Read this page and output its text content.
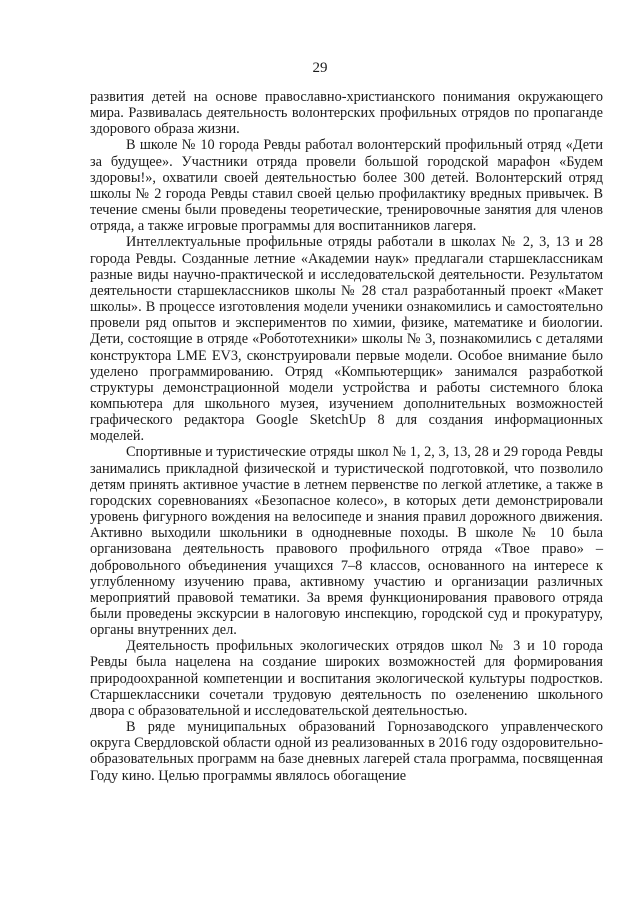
29

развития детей на основе православно-христианского понимания окружающего мира. Развивалась деятельность волонтерских профильных отрядов по пропаганде здорового образа жизни.

В школе № 10 города Ревды работал волонтерский профильный отряд «Дети за будущее». Участники отряда провели большой городской марафон «Будем здоровы!», охватили своей деятельностью более 300 детей. Волонтерский отряд школы № 2 города Ревды ставил своей целью профилактику вредных привычек. В течение смены были проведены теоретические, тренировочные занятия для членов отряда, а также игровые программы для воспитанников лагеря.

Интеллектуальные профильные отряды работали в школах № 2, 3, 13 и 28 города Ревды. Созданные летние «Академии наук» предлагали старшеклассникам разные виды научно-практической и исследовательской деятельности. Результатом деятельности старшеклассников школы № 28 стал разработанный проект «Макет школы». В процессе изготовления модели ученики ознакомились и самостоятельно провели ряд опытов и экспериментов по химии, физике, математике и биологии. Дети, состоящие в отряде «Робототехники» школы № 3, познакомились с деталями конструктора LME EV3, сконструировали первые модели. Особое внимание было уделено программированию. Отряд «Компьютерщик» занимался разработкой структуры демонстрационной модели устройства и работы системного блока компьютера для школьного музея, изучением дополнительных возможностей графического редактора Google SketchUp 8 для создания информационных моделей.

Спортивные и туристические отряды школ № 1, 2, 3, 13, 28 и 29 города Ревды занимались прикладной физической и туристической подготовкой, что позволило детям принять активное участие в летнем первенстве по легкой атлетике, а также в городских соревнованиях «Безопасное колесо», в которых дети демонстрировали уровень фигурного вождения на велосипеде и знания правил дорожного движения. Активно выходили школьники в однодневные походы. В школе № 10 была организована деятельность правового профильного отряда «Твое право» – добровольного объединения учащихся 7–8 классов, основанного на интересе к углубленному изучению права, активному участию и организации различных мероприятий правовой тематики. За время функционирования правового отряда были проведены экскурсии в налоговую инспекцию, городской суд и прокуратуру, органы внутренних дел.

Деятельность профильных экологических отрядов школ № 3 и 10 города Ревды была нацелена на создание широких возможностей для формирования природоохранной компетенции и воспитания экологической культуры подростков. Старшеклассники сочетали трудовую деятельность по озеленению школьного двора с образовательной и исследовательской деятельностью.

В ряде муниципальных образований Горнозаводского управленческого округа Свердловской области одной из реализованных в 2016 году оздоровительно-образовательных программ на базе дневных лагерей стала программа, посвященная Году кино. Целью программы являлось обогащение
